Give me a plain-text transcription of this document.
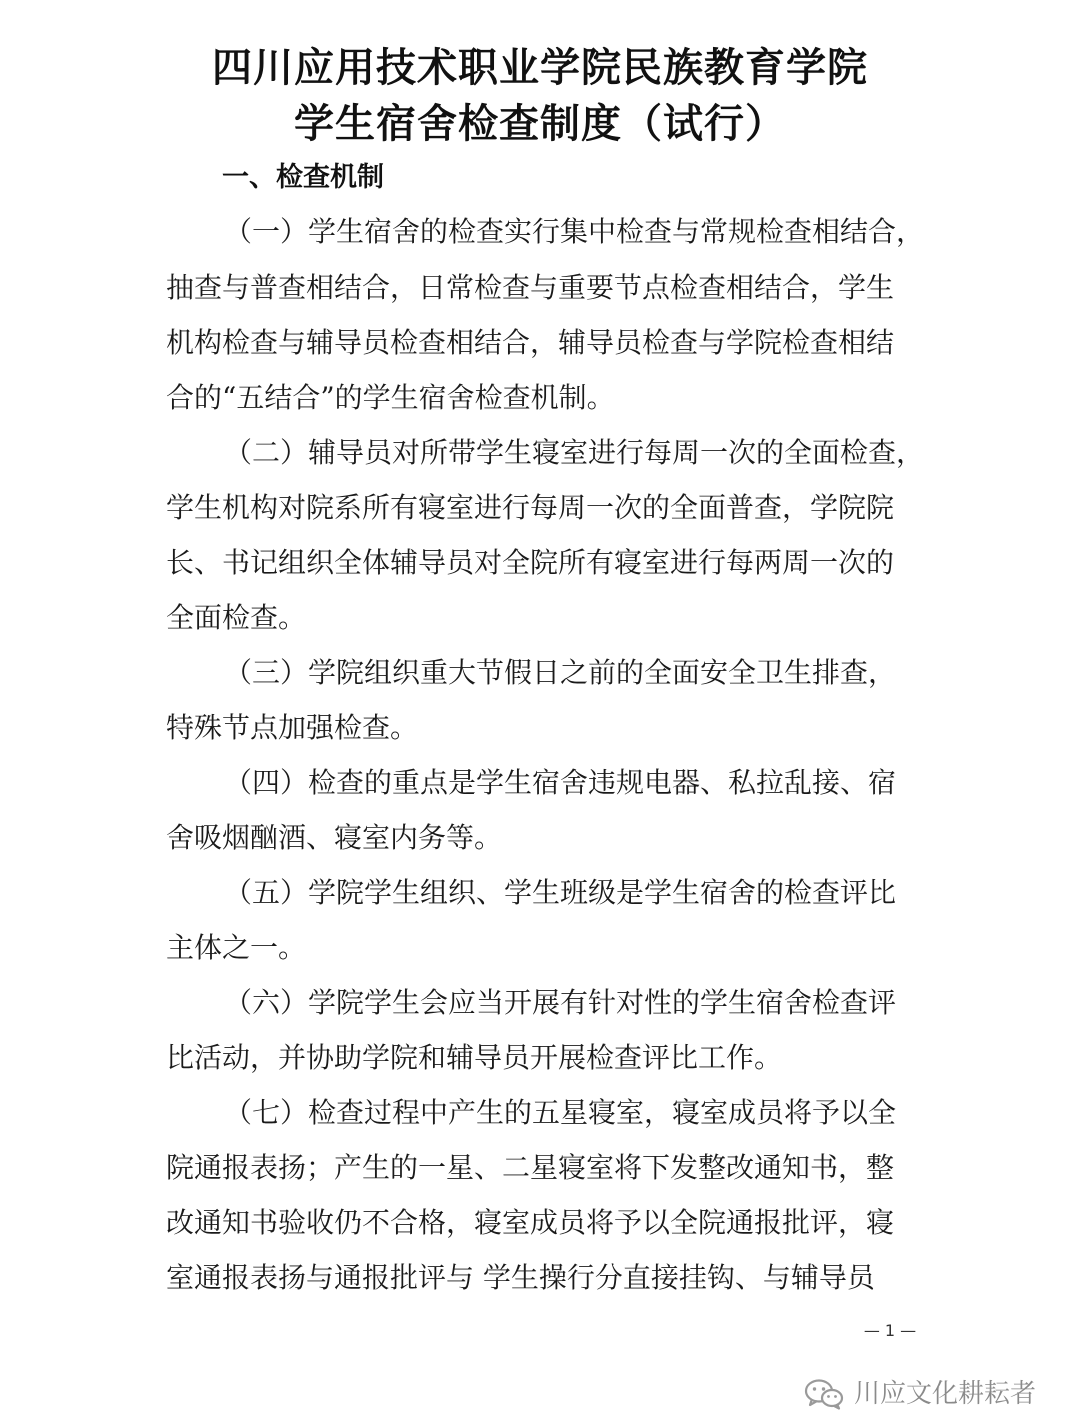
四川应用技术职业学院民族教育学院
学生宿舍检查制度（试行）
一、检查机制
（一）学生宿舍的检查实行集中检查与常规检查相结合，
抽查与普查相结合，日常检查与重要节点检查相结合，学生
机构检查与辅导员检查相结合，辅导员检查与学院检查相结
合的“五结合”的学生宿舍检查机制。
（二）辅导员对所带学生寝室进行每周一次的全面检查，
学生机构对院系所有寝室进行每周一次的全面普查，学院院
长、书记组织全体辅导员对全院所有寝室进行每两周一次的
全面检查。
（三）学院组织重大节假日之前的全面安全卫生排查，
特殊节点加强检查。
（四）检查的重点是学生宿舍违规电器、私拉乱接、宿
舍吸烟酗酒、寝室内务等。
（五）学院学生组织、学生班级是学生宿舍的检查评比
主体之一。
（六）学院学生会应当开展有针对性的学生宿舍检查评
比活动，并协助学院和辅导员开展检查评比工作。
（七）检查过程中产生的五星寝室，寝室成员将予以全
院通报表扬；产生的一星、二星寝室将下发整改通知书，整
改通知书验收仍不合格，寝室成员将予以全院通报批评，寝
室通报表扬与通报批评与 学生操行分直接挂钩、与辅导员
— 1 —
川应文化耕耘者
